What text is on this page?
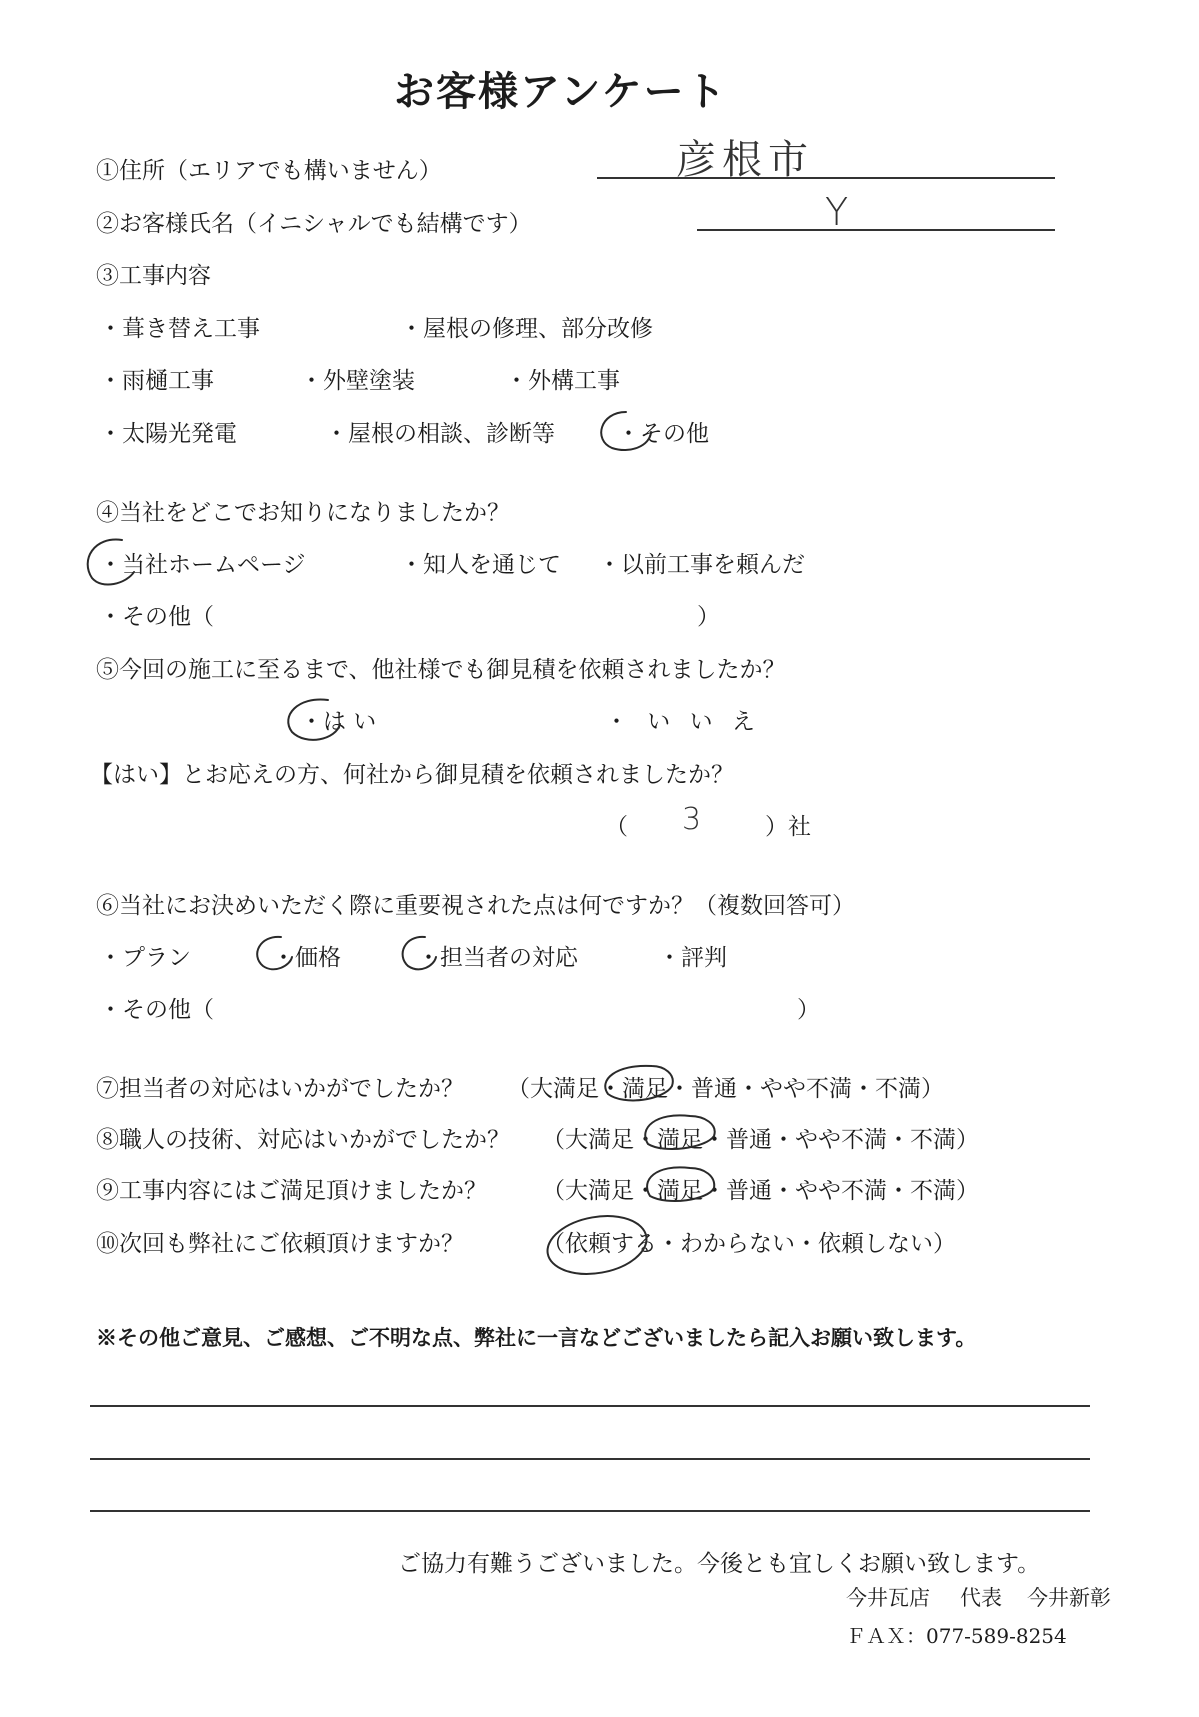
お客様アンケート
①住所（エリアでも構いません）	彦根市
②お客様氏名（イニシャルでも結構です）	Y
③工事内容
・葺き替え工事	・屋根の修理、部分改修
・雨樋工事	・外壁塗装	・外構工事
・太陽光発電	・屋根の相談、診断等	・その他
④当社をどこでお知りになりましたか？
・当社ホームページ	・知人を通じて ・以前工事を頼んだ
・その他（	）
⑤今回の施工に至るまで、他社様でも御見積を依頼されましたか？
・は い	・ い い え
【はい】とお応えの方、何社から御見積を依頼されましたか？
（ 3	）社
⑥当社にお決めいただく際に重要視された点は何ですか？（複数回答可）
・プラン	・価格	・担当者の対応	・評判
・その他（	）
⑦担当者の対応はいかがでしたか？ （大満足・満足・普通・やや不満・不満）
⑧職人の技術、対応はいかがでしたか？ （大満足・満足・普通・やや不満・不満）
⑨工事内容にはご満足頂けましたか？ （大満足・満足・普通・やや不満・不満）
⑩次回も弊社にご依頼頂けますか？	（依頼する・わからない・依頼しない）
※その他ご意見、ご感想、ご不明な点、弊社に一言などございましたら記入お願い致します。
ご協力有難うございました。今後とも宜しくお願い致します。
今井瓦店 代表 今井新彰
ＦＡＸ：077-589-8254
